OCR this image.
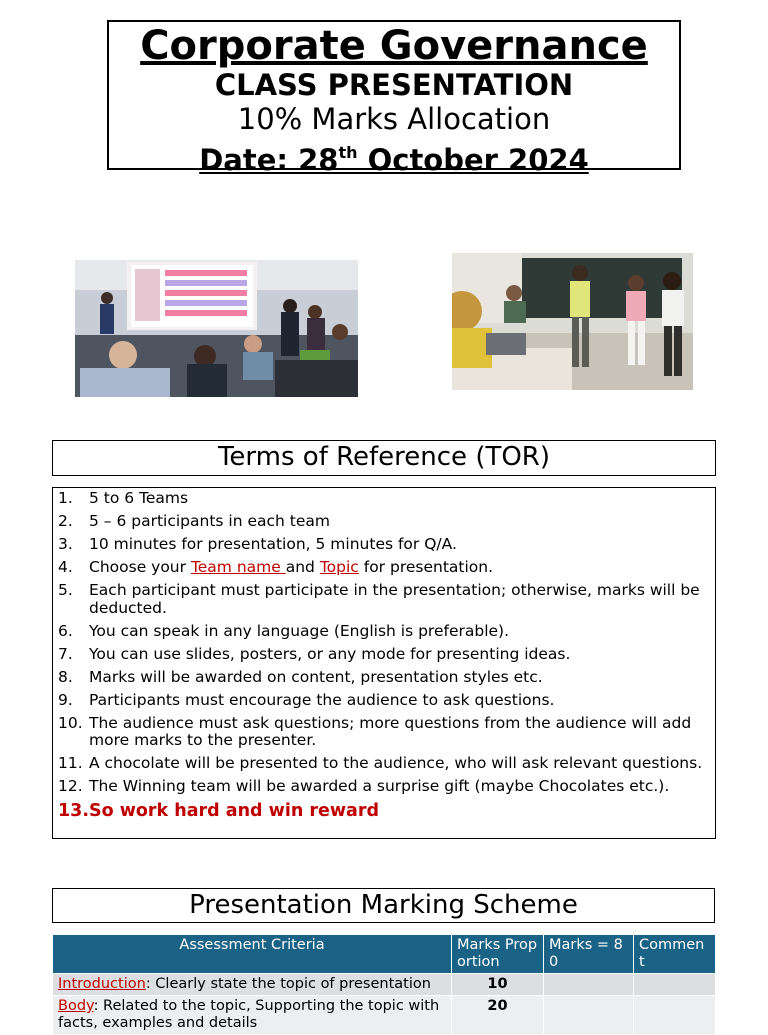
Corporate Governance
CLASS PRESENTATION
10% Marks Allocation
Date: 28th October 2024
Terms of Reference (TOR)
1. 5 to 6 Teams
2. 5 – 6 participants in each team
3. 10 minutes for presentation, 5 minutes for Q/A.
4. Choose your Team name and Topic for presentation.
5. Each participant must participate in the presentation; otherwise, marks will be deducted.
6. You can speak in any language (English is preferable).
7. You can use slides, posters, or any mode for presenting ideas.
8. Marks will be awarded on content, presentation styles etc.
9. Participants must encourage the audience to ask questions.
10. The audience must ask questions; more questions from the audience will add more marks to the presenter.
11. A chocolate will be presented to the audience, who will ask relevant questions.
12. The Winning team will be awarded a surprise gift (maybe Chocolates etc.).
13. So work hard and win reward
Presentation Marking Scheme
Assessment Criteria	Marks Proportion	Marks = 80	Comment
Introduction: Clearly state the topic of presentation	10		
Body: Related to the topic, Supporting the topic with facts, examples and details	20		
